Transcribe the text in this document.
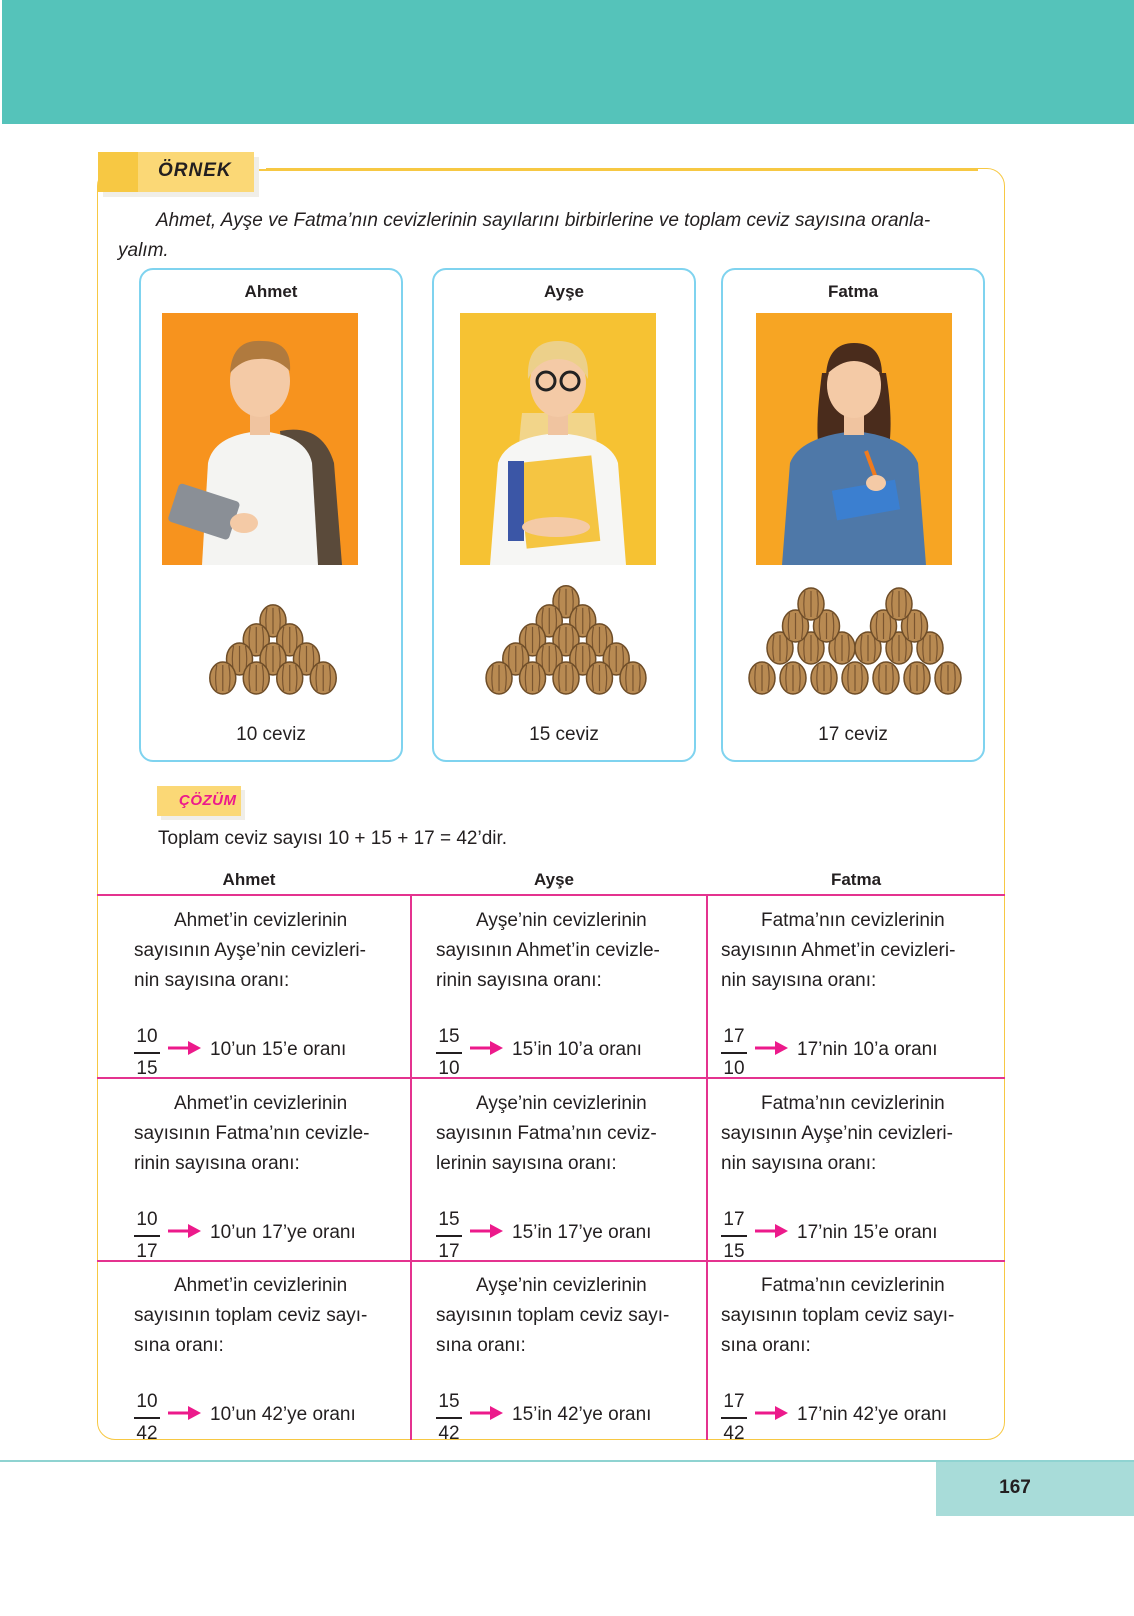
ÖRNEK
Ahmet, Ayşe ve Fatma’nın cevizlerinin sayılarını birbirlerine ve toplam ceviz sayısına oranla-
yalım.
Ahmet
10 ceviz
Ayşe
15 ceviz
Fatma
17 ceviz
ÇÖZÜM
Toplam ceviz sayısı 10 + 15 + 17 = 42’dir.
Ahmet	Ayşe	Fatma
Ahmet’in cevizlerinin
sayısının Ayşe’nin cevizleri-
nin sayısına oranı:
10
15
10’un 15’e oranı
Ayşe’nin cevizlerinin
sayısının Ahmet’in cevizle-
rinin sayısına oranı:
15
10
15’in 10’a oranı
Fatma’nın cevizlerinin
sayısının Ahmet’in cevizleri-
nin sayısına oranı:
17
10
17’nin 10’a oranı
Ahmet’in cevizlerinin
sayısının Fatma’nın cevizle-
rinin sayısına oranı:
10
17
10’un 17’ye oranı
Ayşe’nin cevizlerinin
sayısının Fatma’nın ceviz-
lerinin sayısına oranı:
15
17
15’in 17’ye oranı
Fatma’nın cevizlerinin
sayısının Ayşe’nin cevizleri-
nin sayısına oranı:
17
15
17’nin 15’e oranı
Ahmet’in cevizlerinin
sayısının toplam ceviz sayı-
sına oranı:
10
42
10’un 42’ye oranı
Ayşe’nin cevizlerinin
sayısının toplam ceviz sayı-
sına oranı:
15
42
15’in 42’ye oranı
Fatma’nın cevizlerinin
sayısının toplam ceviz sayı-
sına oranı:
17
42
17’nin 42’ye oranı
167
